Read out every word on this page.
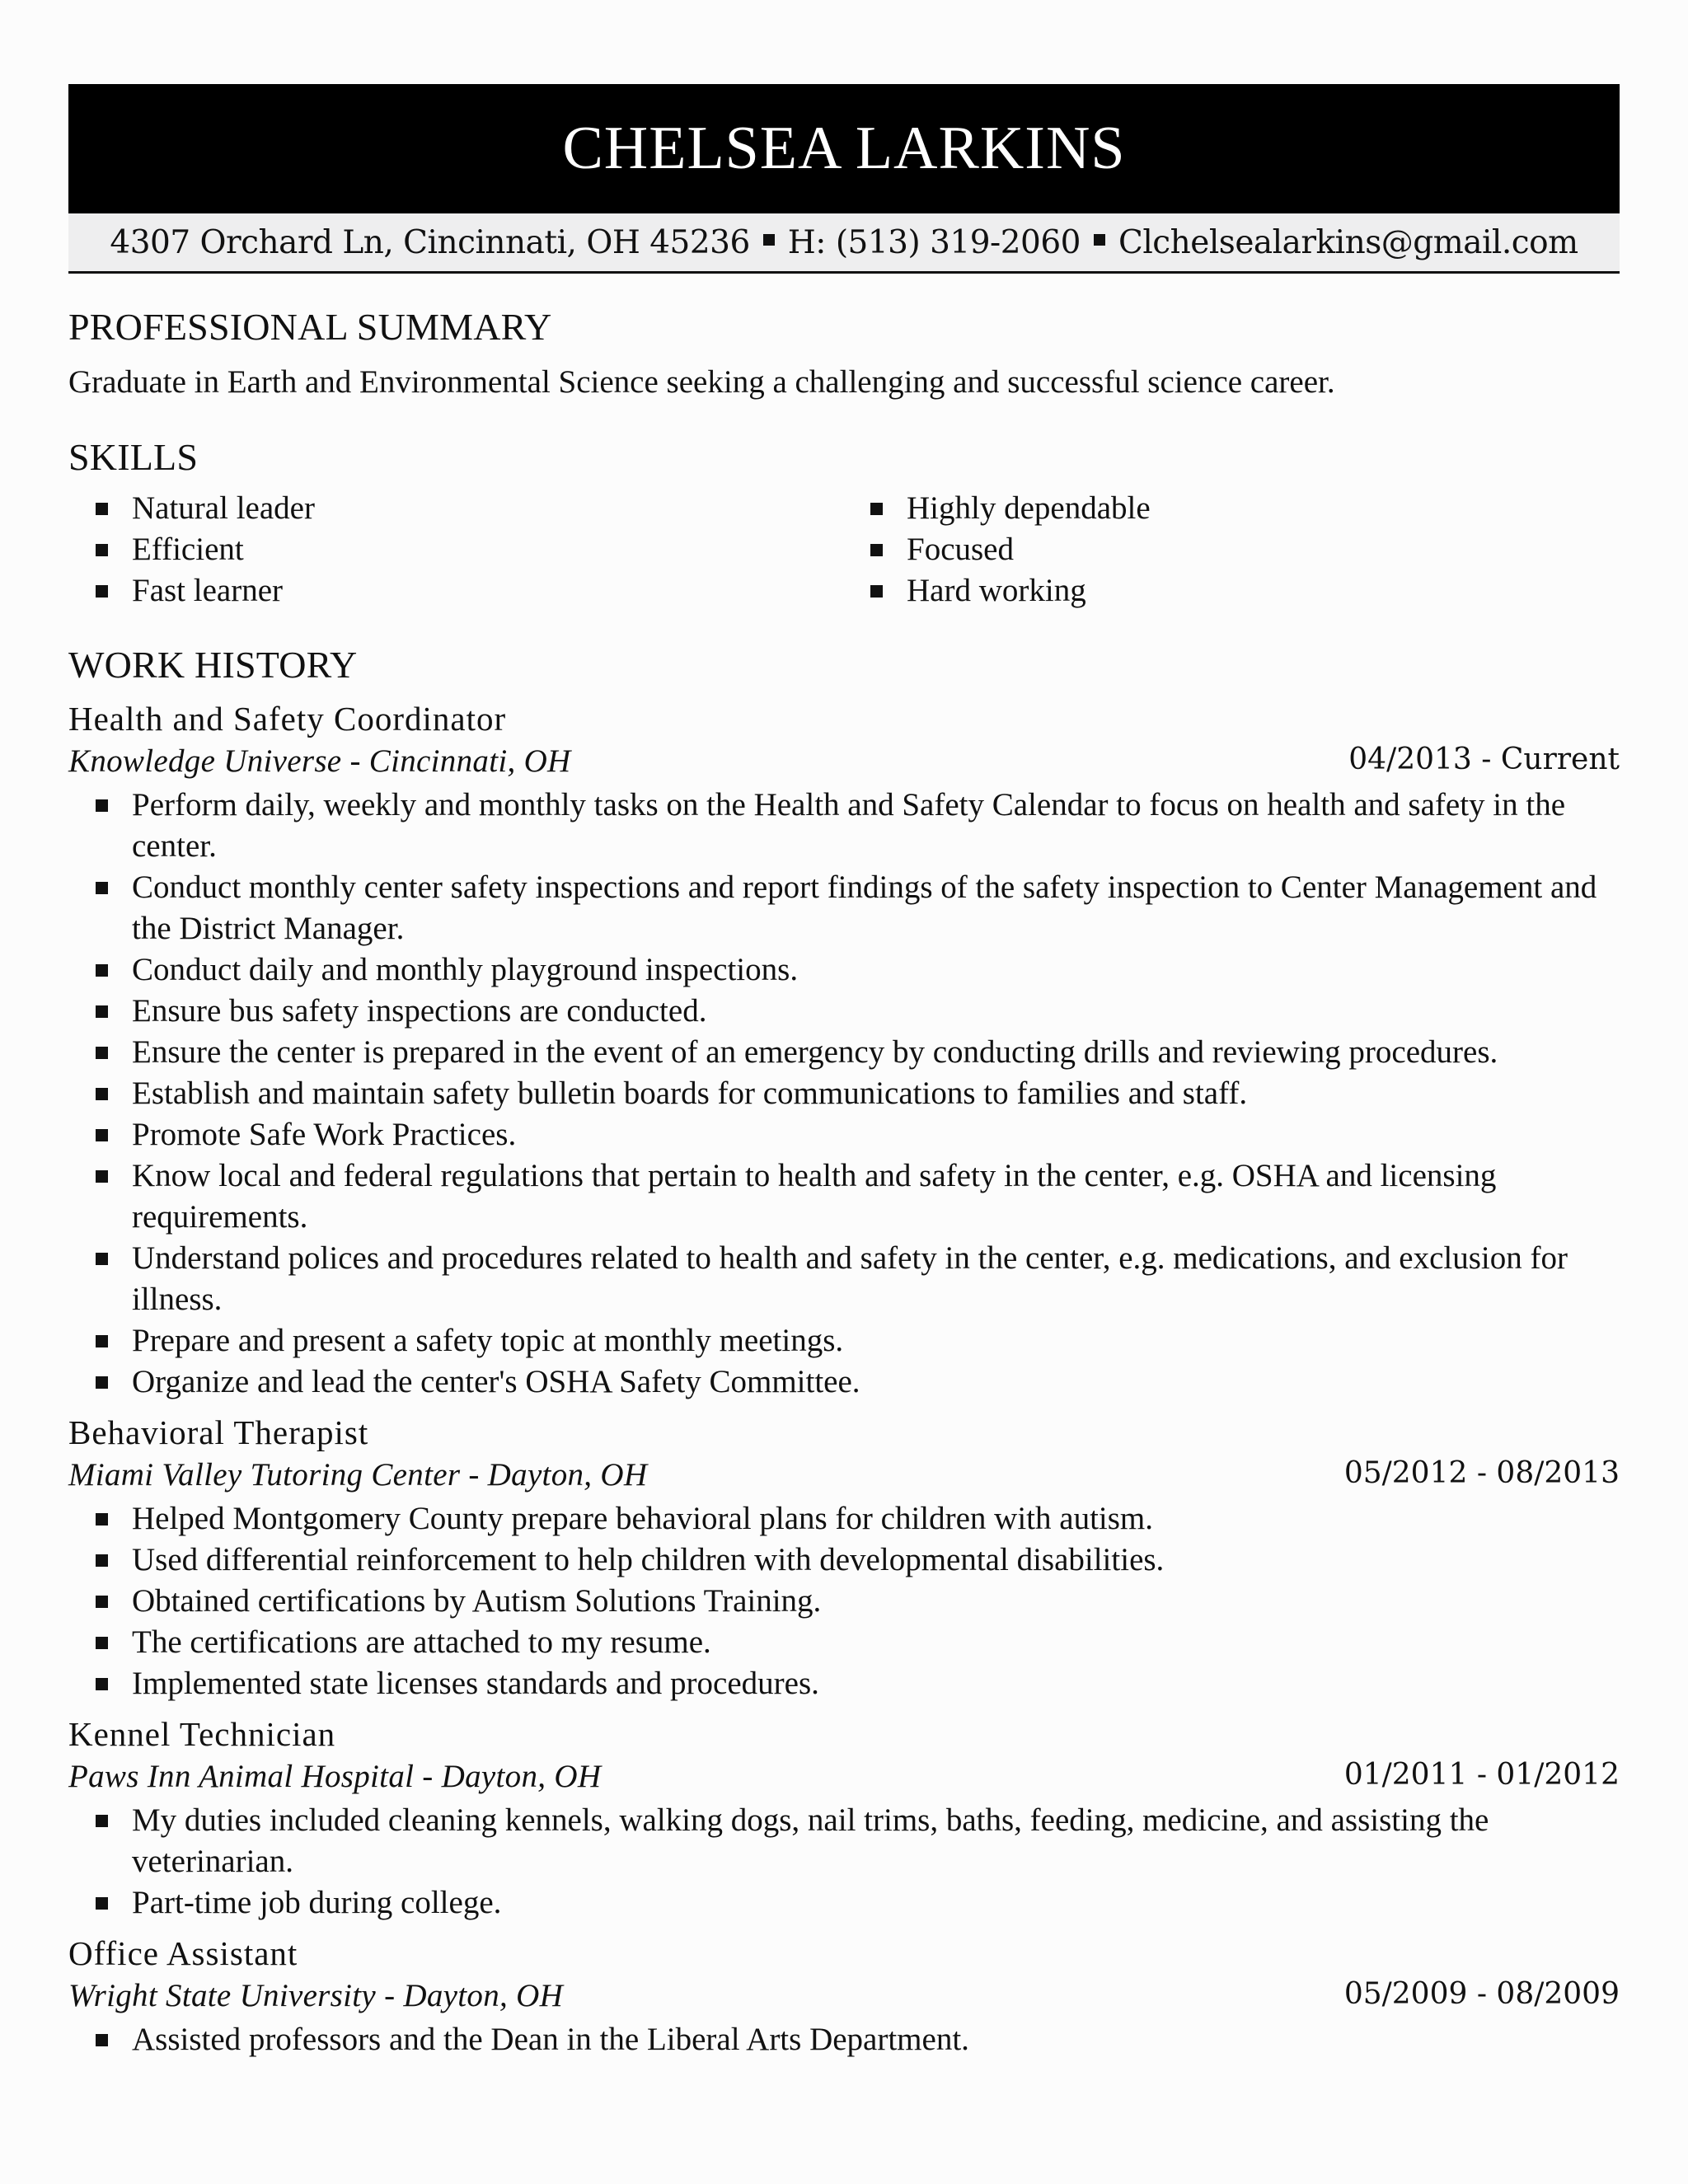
CHELSEA LARKINS
4307 Orchard Ln, Cincinnati, OH 45236 H: (513) 319-2060 Clchelsealarkins@gmail.com
PROFESSIONAL SUMMARY
Graduate in Earth and Environmental Science seeking a challenging and successful science career.
SKILLS
Natural leader
Efficient
Fast learner
Highly dependable
Focused
Hard working
WORK HISTORY
Health and Safety Coordinator
Knowledge Universe - Cincinnati, OH	04/2013 - Current
Perform daily, weekly and monthly tasks on the Health and Safety Calendar to focus on health and safety in the center.
Conduct monthly center safety inspections and report findings of the safety inspection to Center Management and the District Manager.
Conduct daily and monthly playground inspections.
Ensure bus safety inspections are conducted.
Ensure the center is prepared in the event of an emergency by conducting drills and reviewing procedures.
Establish and maintain safety bulletin boards for communications to families and staff.
Promote Safe Work Practices.
Know local and federal regulations that pertain to health and safety in the center, e.g. OSHA and licensing requirements.
Understand polices and procedures related to health and safety in the center, e.g. medications, and exclusion for illness.
Prepare and present a safety topic at monthly meetings.
Organize and lead the center's OSHA Safety Committee.
Behavioral Therapist
Miami Valley Tutoring Center - Dayton, OH	05/2012 - 08/2013
Helped Montgomery County prepare behavioral plans for children with autism.
Used differential reinforcement to help children with developmental disabilities.
Obtained certifications by Autism Solutions Training.
The certifications are attached to my resume.
Implemented state licenses standards and procedures.
Kennel Technician
Paws Inn Animal Hospital - Dayton, OH	01/2011 - 01/2012
My duties included cleaning kennels, walking dogs, nail trims, baths, feeding, medicine, and assisting the veterinarian.
Part-time job during college.
Office Assistant
Wright State University - Dayton, OH	05/2009 - 08/2009
Assisted professors and the Dean in the Liberal Arts Department.
